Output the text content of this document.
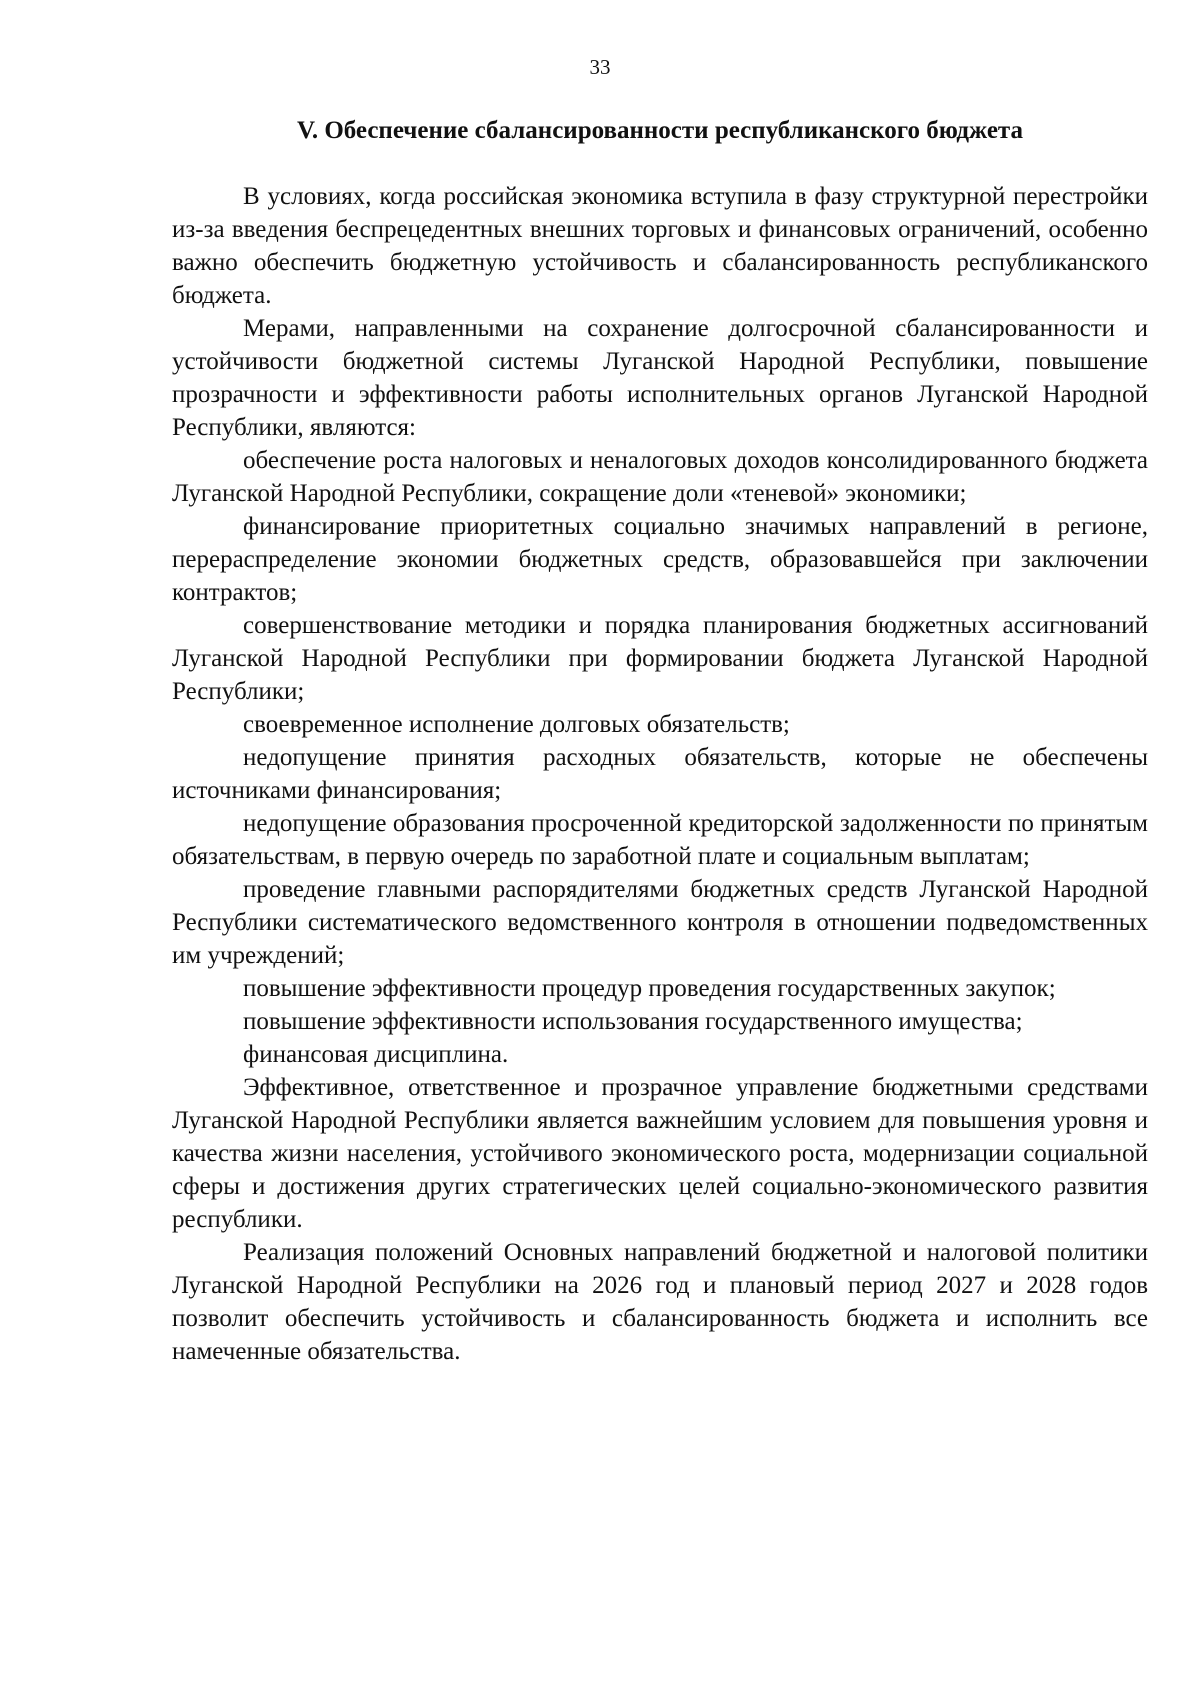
33
V. Обеспечение сбалансированности республиканского бюджета

В условиях, когда российская экономика вступила в фазу структурной перестройки из-за введения беспрецедентных внешних торговых и финансовых ограничений, особенно важно обеспечить бюджетную устойчивость и сбалансированность республиканского бюджета.

Мерами, направленными на сохранение долгосрочной сбалансированности и устойчивости бюджетной системы Луганской Народной Республики, повышение прозрачности и эффективности работы исполнительных органов Луганской Народной Республики, являются:

обеспечение роста налоговых и неналоговых доходов консолидированного бюджета Луганской Народной Республики, сокращение доли «теневой» экономики;

финансирование приоритетных социально значимых направлений в регионе, перераспределение экономии бюджетных средств, образовавшейся при заключении контрактов;

совершенствование методики и порядка планирования бюджетных ассигнований Луганской Народной Республики при формировании бюджета Луганской Народной Республики;

своевременное исполнение долговых обязательств;

недопущение принятия расходных обязательств, которые не обеспечены источниками финансирования;

недопущение образования просроченной кредиторской задолженности по принятым обязательствам, в первую очередь по заработной плате и социальным выплатам;

проведение главными распорядителями бюджетных средств Луганской Народной Республики систематического ведомственного контроля в отношении подведомственных им учреждений;

повышение эффективности процедур проведения государственных закупок;

повышение эффективности использования государственного имущества;

финансовая дисциплина.

Эффективное, ответственное и прозрачное управление бюджетными средствами Луганской Народной Республики является важнейшим условием для повышения уровня и качества жизни населения, устойчивого экономического роста, модернизации социальной сферы и достижения других стратегических целей социально-экономического развития республики.

Реализация положений Основных направлений бюджетной и налоговой политики Луганской Народной Республики на 2026 год и плановый период 2027 и 2028 годов позволит обеспечить устойчивость и сбалансированность бюджета и исполнить все намеченные обязательства.
